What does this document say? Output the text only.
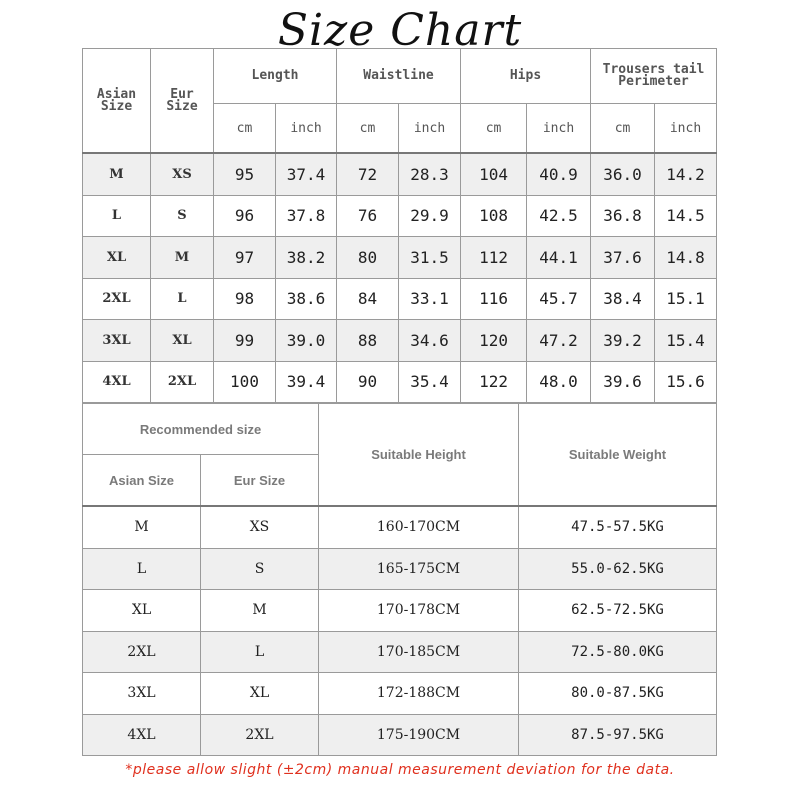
Size Chart
Asian Size	Eur Size	Length		Waistline		Hips		Trousers tail Perimeter	
		cm	inch	cm	inch	cm	inch	cm	inch
M	XS	95	37.4	72	28.3	104	40.9	36.0	14.2
L	S	96	37.8	76	29.9	108	42.5	36.8	14.5
XL	M	97	38.2	80	31.5	112	44.1	37.6	14.8
2XL	L	98	38.6	84	33.1	116	45.7	38.4	15.1
3XL	XL	99	39.0	88	34.6	120	47.2	39.2	15.4
4XL	2XL	100	39.4	90	35.4	122	48.0	39.6	15.6
Recommended size		Suitable Height	Suitable Weight
Asian Size	Eur Size		
M	XS	160-170CM	47.5-57.5KG
L	S	165-175CM	55.0-62.5KG
XL	M	170-178CM	62.5-72.5KG
2XL	L	170-185CM	72.5-80.0KG
3XL	XL	172-188CM	80.0-87.5KG
4XL	2XL	175-190CM	87.5-97.5KG
*please allow slight (±2cm) manual measurement deviation for the data.
